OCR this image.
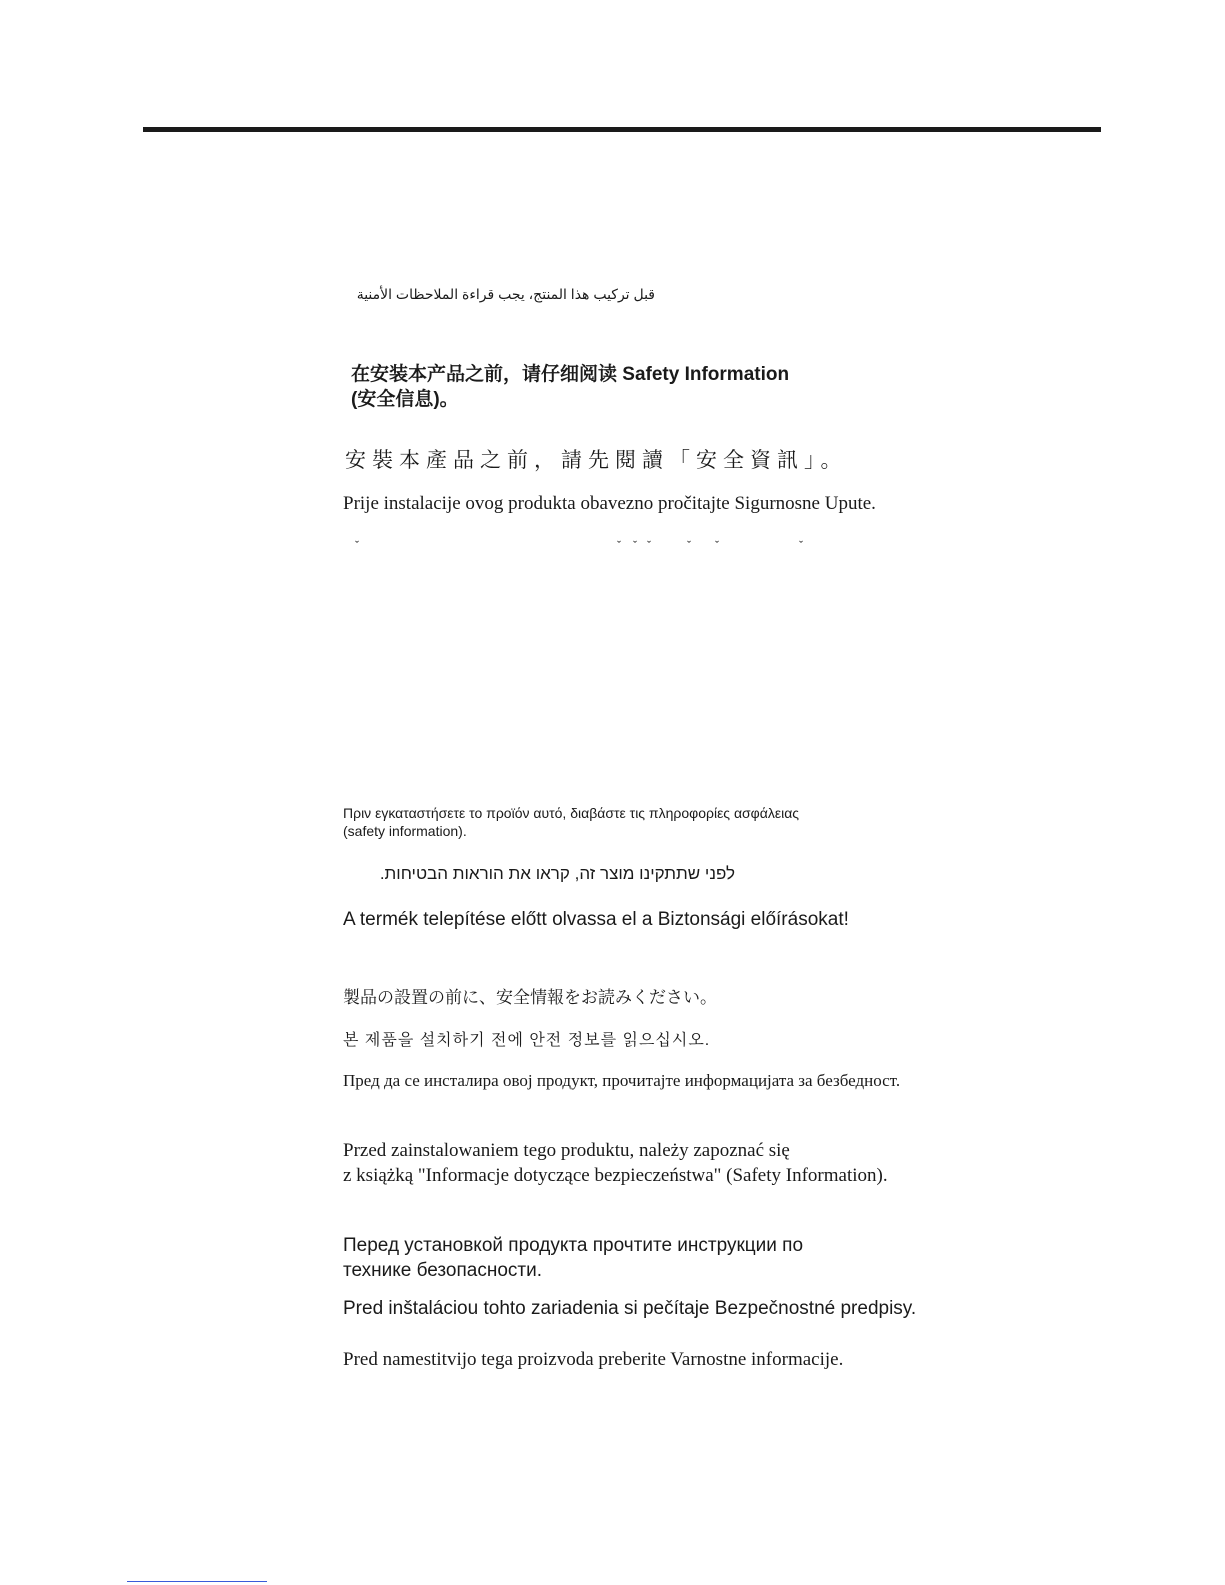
قبل تركيب هذا المنتج، يجب قراءة الملاحظات الأمنية
在安装本产品之前，请仔细阅读 Safety Information
(安全信息)。
安裝本產品之前，請先閱讀「安全資訊」。
Prije instalacije ovog produkta obavezno pročitajte Sigurnosne Upute.
ˇ	ˇ ˇ ˇ	ˇ ˇ	ˇ
Πριν εγκαταστήσετε το προϊόν αυτό, διαβάστε τις πληροφορίες ασφάλειας
(safety information).
לפני שתתקינו מוצר זה, קראו את הוראות הבטיחות.
A termék telepítése előtt olvassa el a Biztonsági előírásokat!
製品の設置の前に、安全情報をお読みください。
본 제품을 설치하기 전에 안전 정보를 읽으십시오.
Пред да се инсталира овој продукт, прочитајте информацијата за безбедност.
Przed zainstalowaniem tego produktu, należy zapoznać się
z książką "Informacje dotyczące bezpieczeństwa" (Safety Information).
Перед установкой продукта прочтите инструкции по
технике безопасности.
Pred inštaláciou tohto zariadenia si pečítaje Bezpečnostné predpisy.
Pred namestitvijo tega proizvoda preberite Varnostne informacije.
